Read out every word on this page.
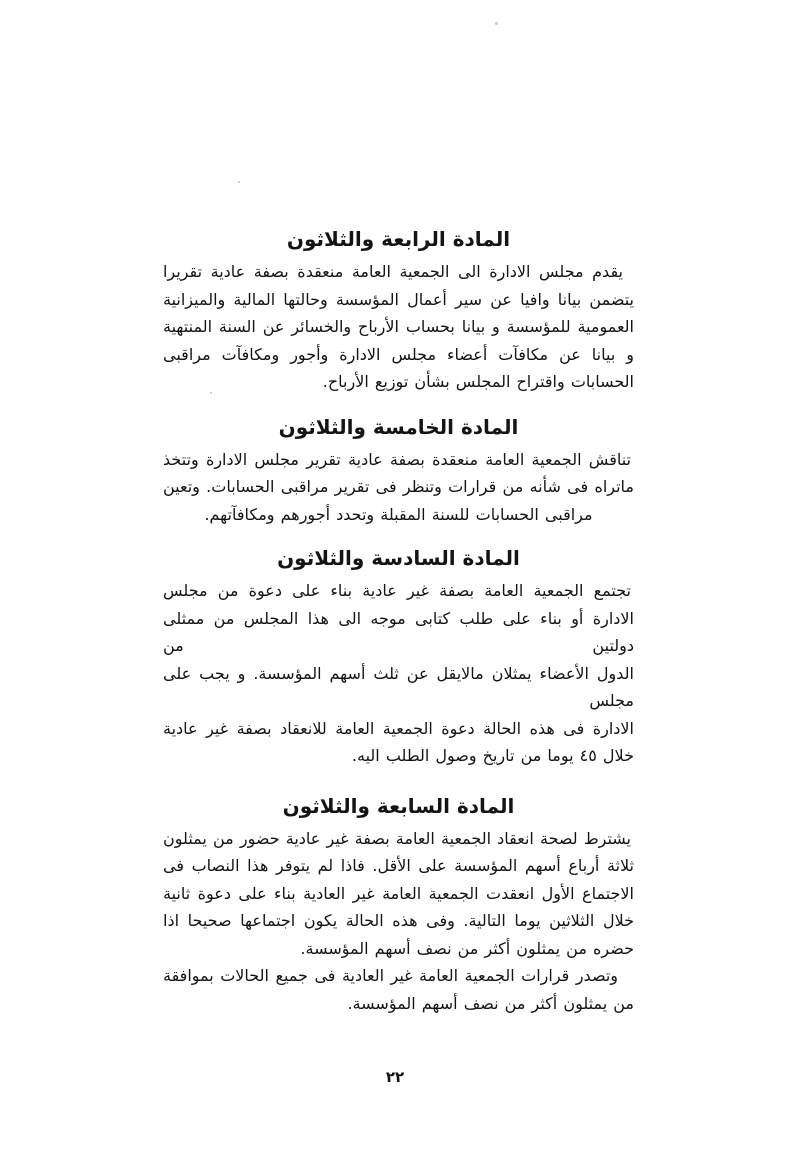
المادة الرابعة والثلاثون
يقدم مجلس الادارة الى الجمعية العامة منعقدة بصفة عادية تقريرا
يتضمن بيانا وافيا عن سير أعمال المؤسسة وحالتها المالية والميزانية
العمومية للمؤسسة و بيانا بحساب الأرباح والخسائر عن السنة المنتهية
و بيانا عن مكافآت أعضاء مجلس الادارة وأجور ومكافآت مراقبى
الحسابات واقتراح المجلس بشأن توزيع الأرباح.
المادة الخامسة والثلاثون
تناقش الجمعية العامة منعقدة بصفة عادية تقرير مجلس الادارة وتتخذ
ماتراه فى شأنه من قرارات وتنظر فى تقرير مراقبى الحسابات. وتعين
مراقبى الحسابات للسنة المقبلة وتحدد أجورهم ومكافآتهم.
المادة السادسة والثلاثون
تجتمع الجمعية العامة بصفة غير عادية بناء على دعوة من مجلس
الادارة أو بناء على طلب كتابى موجه الى هذا المجلس من ممثلى دولتين من
الدول الأعضاء يمثلان مالايقل عن ثلث أسهم المؤسسة. و يجب على مجلس
الادارة فى هذه الحالة دعوة الجمعية العامة للانعقاد بصفة غير عادية
خلال ٤٥ يوما من تاريخ وصول الطلب اليه.
المادة السابعة والثلاثون
يشترط لصحة انعقاد الجمعية العامة بصفة غير عادية حضور من يمثلون
ثلاثة أرباع أسهم المؤسسة على الأقل. فاذا لم يتوفر هذا النصاب فى
الاجتماع الأول انعقدت الجمعية العامة غير العادية بناء على دعوة ثانية
خلال الثلاثين يوما التالية. وفى هذه الحالة يكون اجتماعها صحيحا اذا
حضره من يمثلون أكثر من نصف أسهم المؤسسة.
وتصدر قرارات الجمعية العامة غير العادية فى جميع الحالات بموافقة
من يمثلون أكثر من نصف أسهم المؤسسة.
٢٢
